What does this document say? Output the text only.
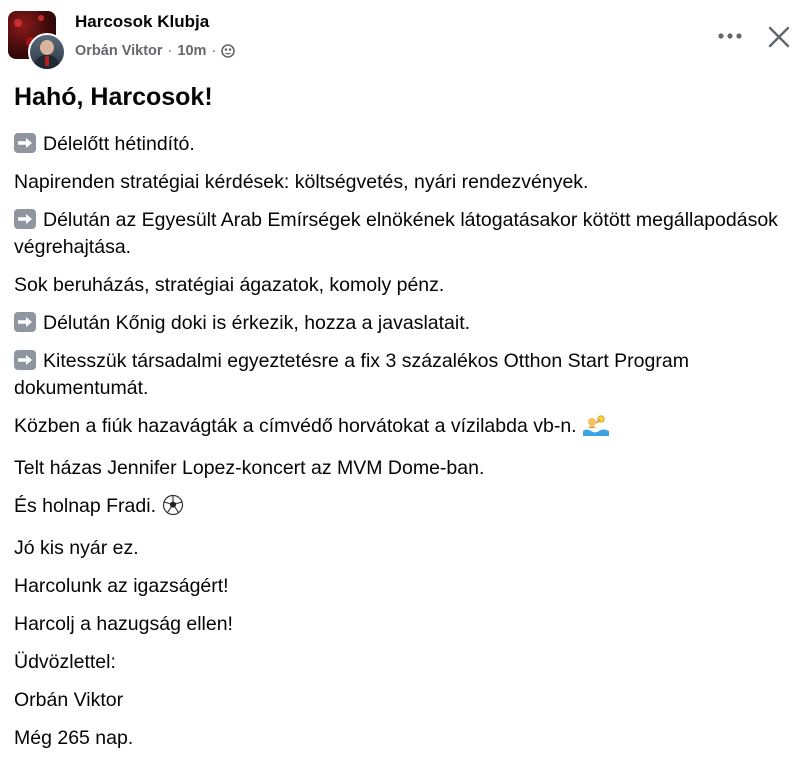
Harcosok Klubja
Orbán Viktor · 10m ·
Hahó, Harcosok!

Délelőtt hétindító.

Napirenden stratégiai kérdések: költségvetés, nyári rendezvények.

Délután az Egyesült Arab Emírségek elnökének látogatásakor kötött megállapodások végrehajtása.

Sok beruházás, stratégiai ágazatok, komoly pénz.

Délután Kőnig doki is érkezik, hozza a javaslatait.

Kitesszük társadalmi egyeztetésre a fix 3 százalékos Otthon Start Program dokumentumát.

Közben a fiúk hazavágták a címvédő horvátokat a vízilabda vb-n.

Telt házas Jennifer Lopez-koncert az MVM Dome-ban.

És holnap Fradi.

Jó kis nyár ez.

Harcolunk az igazságért!

Harcolj a hazugság ellen!

Üdvözlettel:

Orbán Viktor

Még 265 nap.
